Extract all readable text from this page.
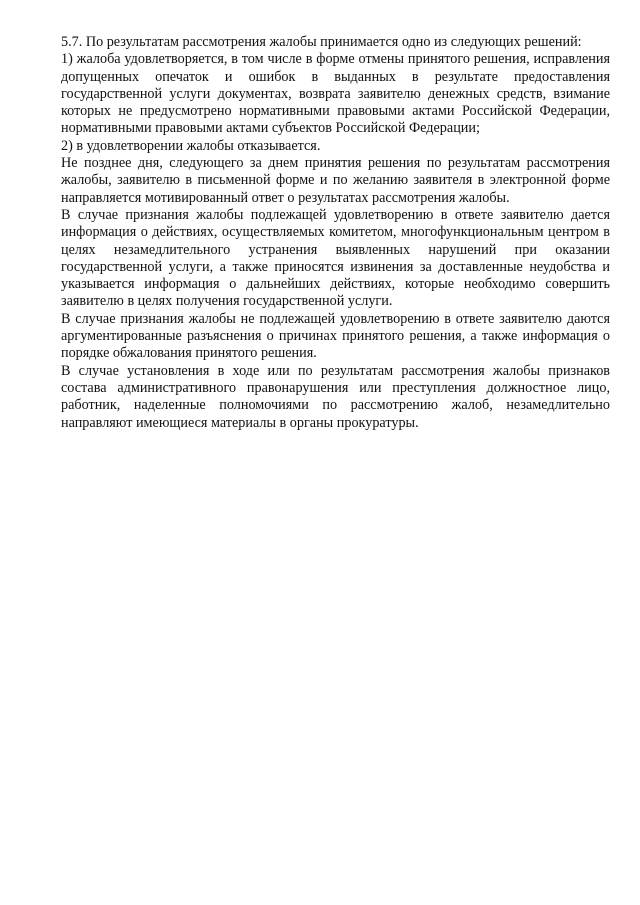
5.7. По результатам рассмотрения жалобы принимается одно из следующих решений:

1) жалоба удовлетворяется, в том числе в форме отмены принятого решения, исправления допущенных опечаток и ошибок в выданных в результате предоставления государственной услуги документах, возврата заявителю денежных средств, взимание которых не предусмотрено нормативными правовыми актами Российской Федерации, нормативными правовыми актами субъектов Российской Федерации;

2) в удовлетворении жалобы отказывается.

Не позднее дня, следующего за днем принятия решения по результатам рассмотрения жалобы, заявителю в письменной форме и по желанию заявителя в электронной форме направляется мотивированный ответ о результатах рассмотрения жалобы.

В случае признания жалобы подлежащей удовлетворению в ответе заявителю дается информация о действиях, осуществляемых комитетом, многофункциональным центром в целях незамедлительного устранения выявленных нарушений при оказании государственной услуги, а также приносятся извинения за доставленные неудобства и указывается информация о дальнейших действиях, которые необходимо совершить заявителю в целях получения государственной услуги.

В случае признания жалобы не подлежащей удовлетворению в ответе заявителю даются аргументированные разъяснения о причинах принятого решения, а также информация о порядке обжалования принятого решения.

В случае установления в ходе или по результатам рассмотрения жалобы признаков состава административного правонарушения или преступления должностное лицо, работник, наделенные полномочиями по рассмотрению жалоб, незамедлительно направляют имеющиеся материалы в органы прокуратуры.
